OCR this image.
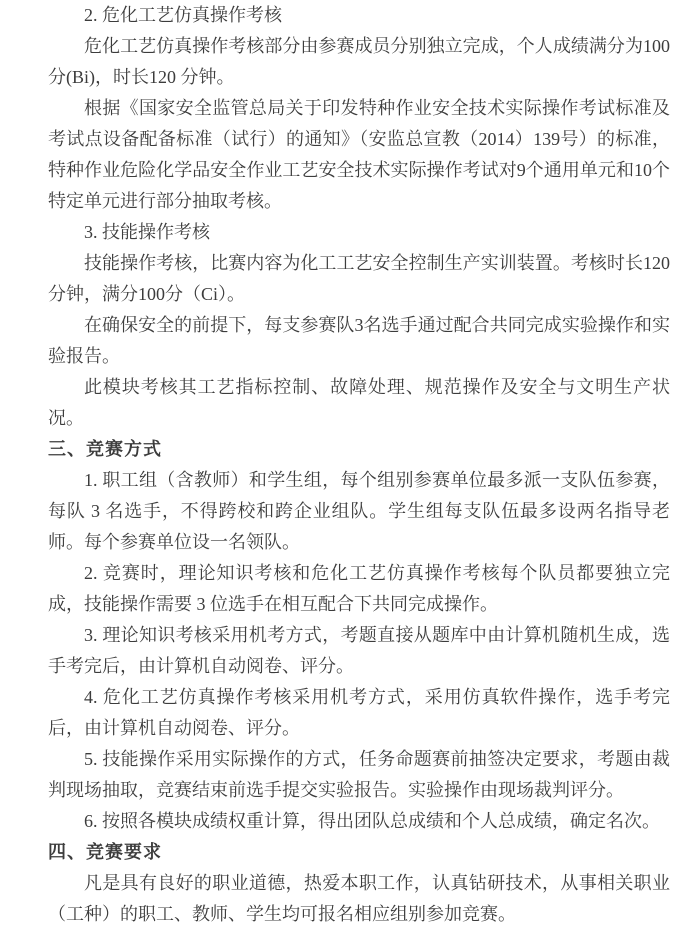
2. 危化工艺仿真操作考核

危化工艺仿真操作考核部分由参赛成员分别独立完成，个人成绩满分为100分(Bi)，时长120 分钟。

根据《国家安全监管总局关于印发特种作业安全技术实际操作考试标准及考试点设备配备标准（试行）的通知》（安监总宣教（2014）139号）的标准，特种作业危险化学品安全作业工艺安全技术实际操作考试对9个通用单元和10个特定单元进行部分抽取考核。

3. 技能操作考核

技能操作考核，比赛内容为化工工艺安全控制生产实训装置。考核时长120分钟，满分100分（Ci）。

在确保安全的前提下，每支参赛队3名选手通过配合共同完成实验操作和实验报告。

此模块考核其工艺指标控制、故障处理、规范操作及安全与文明生产状况。

三、竞赛方式

1. 职工组（含教师）和学生组，每个组别参赛单位最多派一支队伍参赛，每队 3 名选手，不得跨校和跨企业组队。学生组每支队伍最多设两名指导老师。每个参赛单位设一名领队。

2. 竞赛时，理论知识考核和危化工艺仿真操作考核每个队员都要独立完成，技能操作需要 3 位选手在相互配合下共同完成操作。

3. 理论知识考核采用机考方式，考题直接从题库中由计算机随机生成，选手考完后，由计算机自动阅卷、评分。

4. 危化工艺仿真操作考核采用机考方式，采用仿真软件操作，选手考完后，由计算机自动阅卷、评分。

5. 技能操作采用实际操作的方式，任务命题赛前抽签决定要求，考题由裁判现场抽取，竞赛结束前选手提交实验报告。实验操作由现场裁判评分。

6. 按照各模块成绩权重计算，得出团队总成绩和个人总成绩，确定名次。

四、竞赛要求

凡是具有良好的职业道德，热爱本职工作，认真钻研技术，从事相关职业（工种）的职工、教师、学生均可报名相应组别参加竞赛。
